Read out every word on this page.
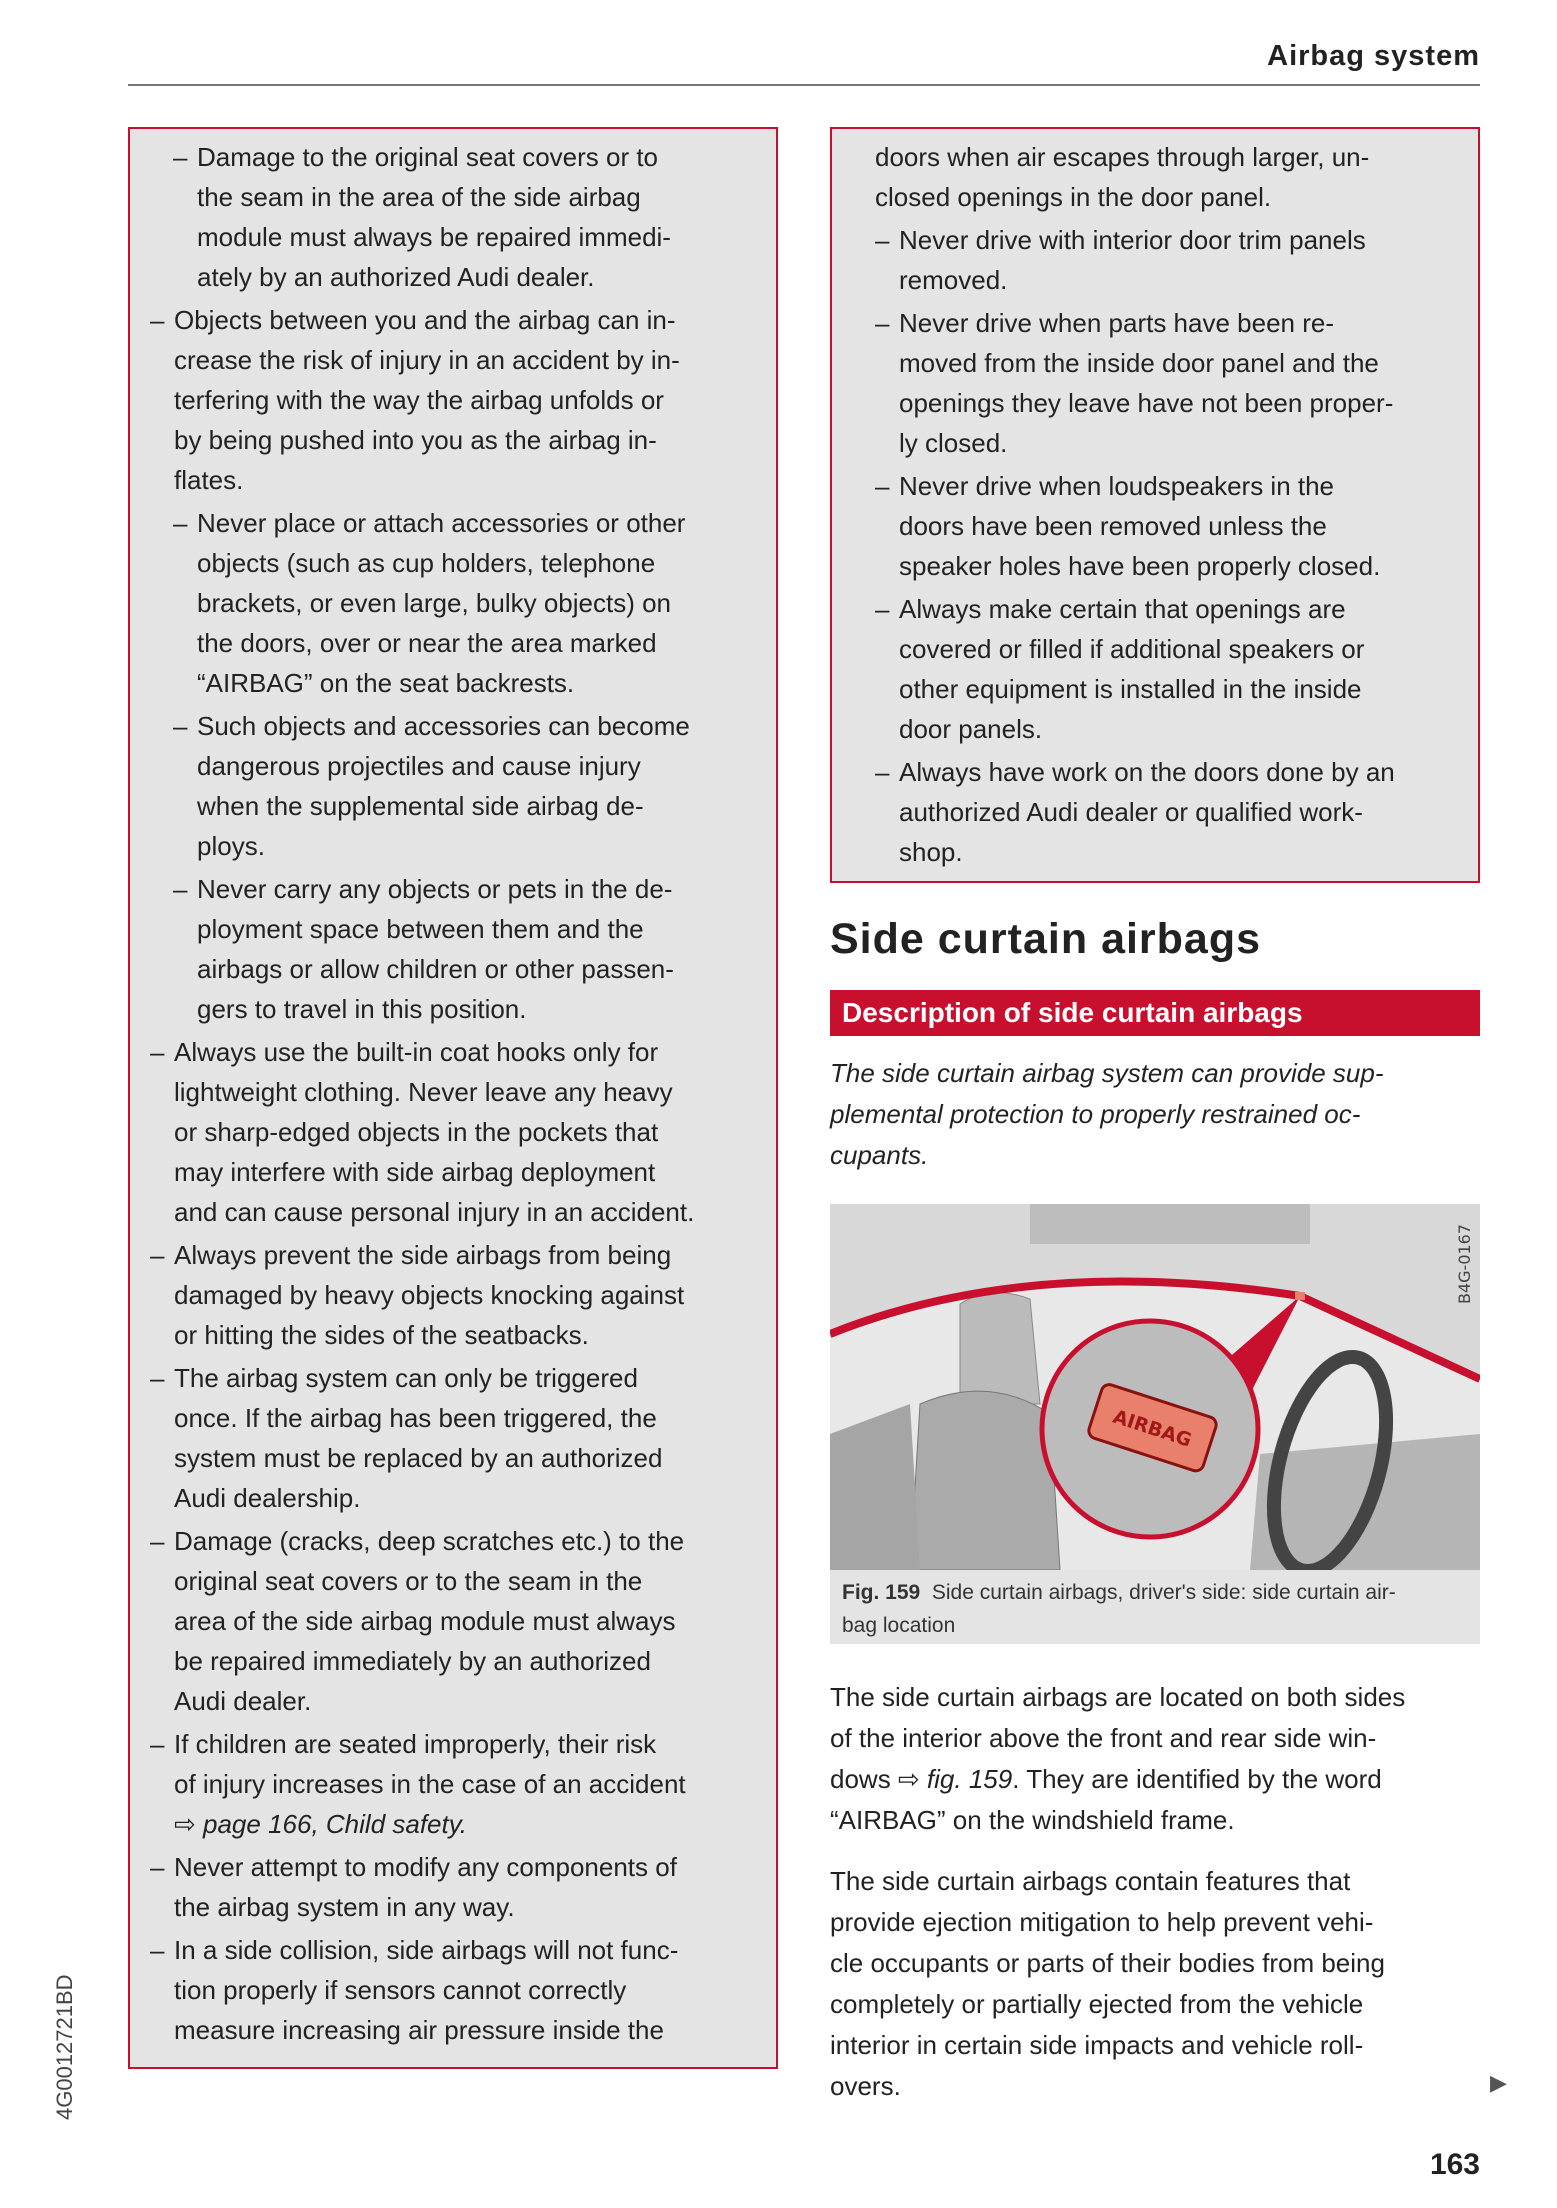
Airbag system
– Damage to the original seat covers or to
the seam in the area of the side airbag
module must always be repaired immedi-
ately by an authorized Audi dealer.
– Objects between you and the airbag can in-
crease the risk of injury in an accident by in-
terfering with the way the airbag unfolds or
by being pushed into you as the airbag in-
flates.
– Never place or attach accessories or other
objects (such as cup holders, telephone
brackets, or even large, bulky objects) on
the doors, over or near the area marked
“AIRBAG” on the seat backrests.
– Such objects and accessories can become
dangerous projectiles and cause injury
when the supplemental side airbag de-
ploys.
– Never carry any objects or pets in the de-
ployment space between them and the
airbags or allow children or other passen-
gers to travel in this position.
– Always use the built-in coat hooks only for
lightweight clothing. Never leave any heavy
or sharp-edged objects in the pockets that
may interfere with side airbag deployment
and can cause personal injury in an accident.
– Always prevent the side airbags from being
damaged by heavy objects knocking against
or hitting the sides of the seatbacks.
– The airbag system can only be triggered
once. If the airbag has been triggered, the
system must be replaced by an authorized
Audi dealership.
– Damage (cracks, deep scratches etc.) to the
original seat covers or to the seam in the
area of the side airbag module must always
be repaired immediately by an authorized
Audi dealer.
– If children are seated improperly, their risk
of injury increases in the case of an accident
⇨ page 166, Child safety.
– Never attempt to modify any components of
the airbag system in any way.
– In a side collision, side airbags will not func-
tion properly if sensors cannot correctly
measure increasing air pressure inside the
doors when air escapes through larger, un-
closed openings in the door panel.
– Never drive with interior door trim panels
removed.
– Never drive when parts have been re-
moved from the inside door panel and the
openings they leave have not been proper-
ly closed.
– Never drive when loudspeakers in the
doors have been removed unless the
speaker holes have been properly closed.
– Always make certain that openings are
covered or filled if additional speakers or
other equipment is installed in the inside
door panels.
– Always have work on the doors done by an
authorized Audi dealer or qualified work-
shop.
Side curtain airbags
Description of side curtain airbags
The side curtain airbag system can provide sup-
plemental protection to properly restrained oc-
cupants.
AIRBAG
B4G-0167
Fig. 159 Side curtain airbags, driver's side: side curtain air-
bag location
The side curtain airbags are located on both sides
of the interior above the front and rear side win-
dows ⇨ fig. 159. They are identified by the word
“AIRBAG” on the windshield frame.
The side curtain airbags contain features that
provide ejection mitigation to help prevent vehi-
cle occupants or parts of their bodies from being
completely or partially ejected from the vehicle
interior in certain side impacts and vehicle roll-
overs.	▶
163
4G0012721BD
